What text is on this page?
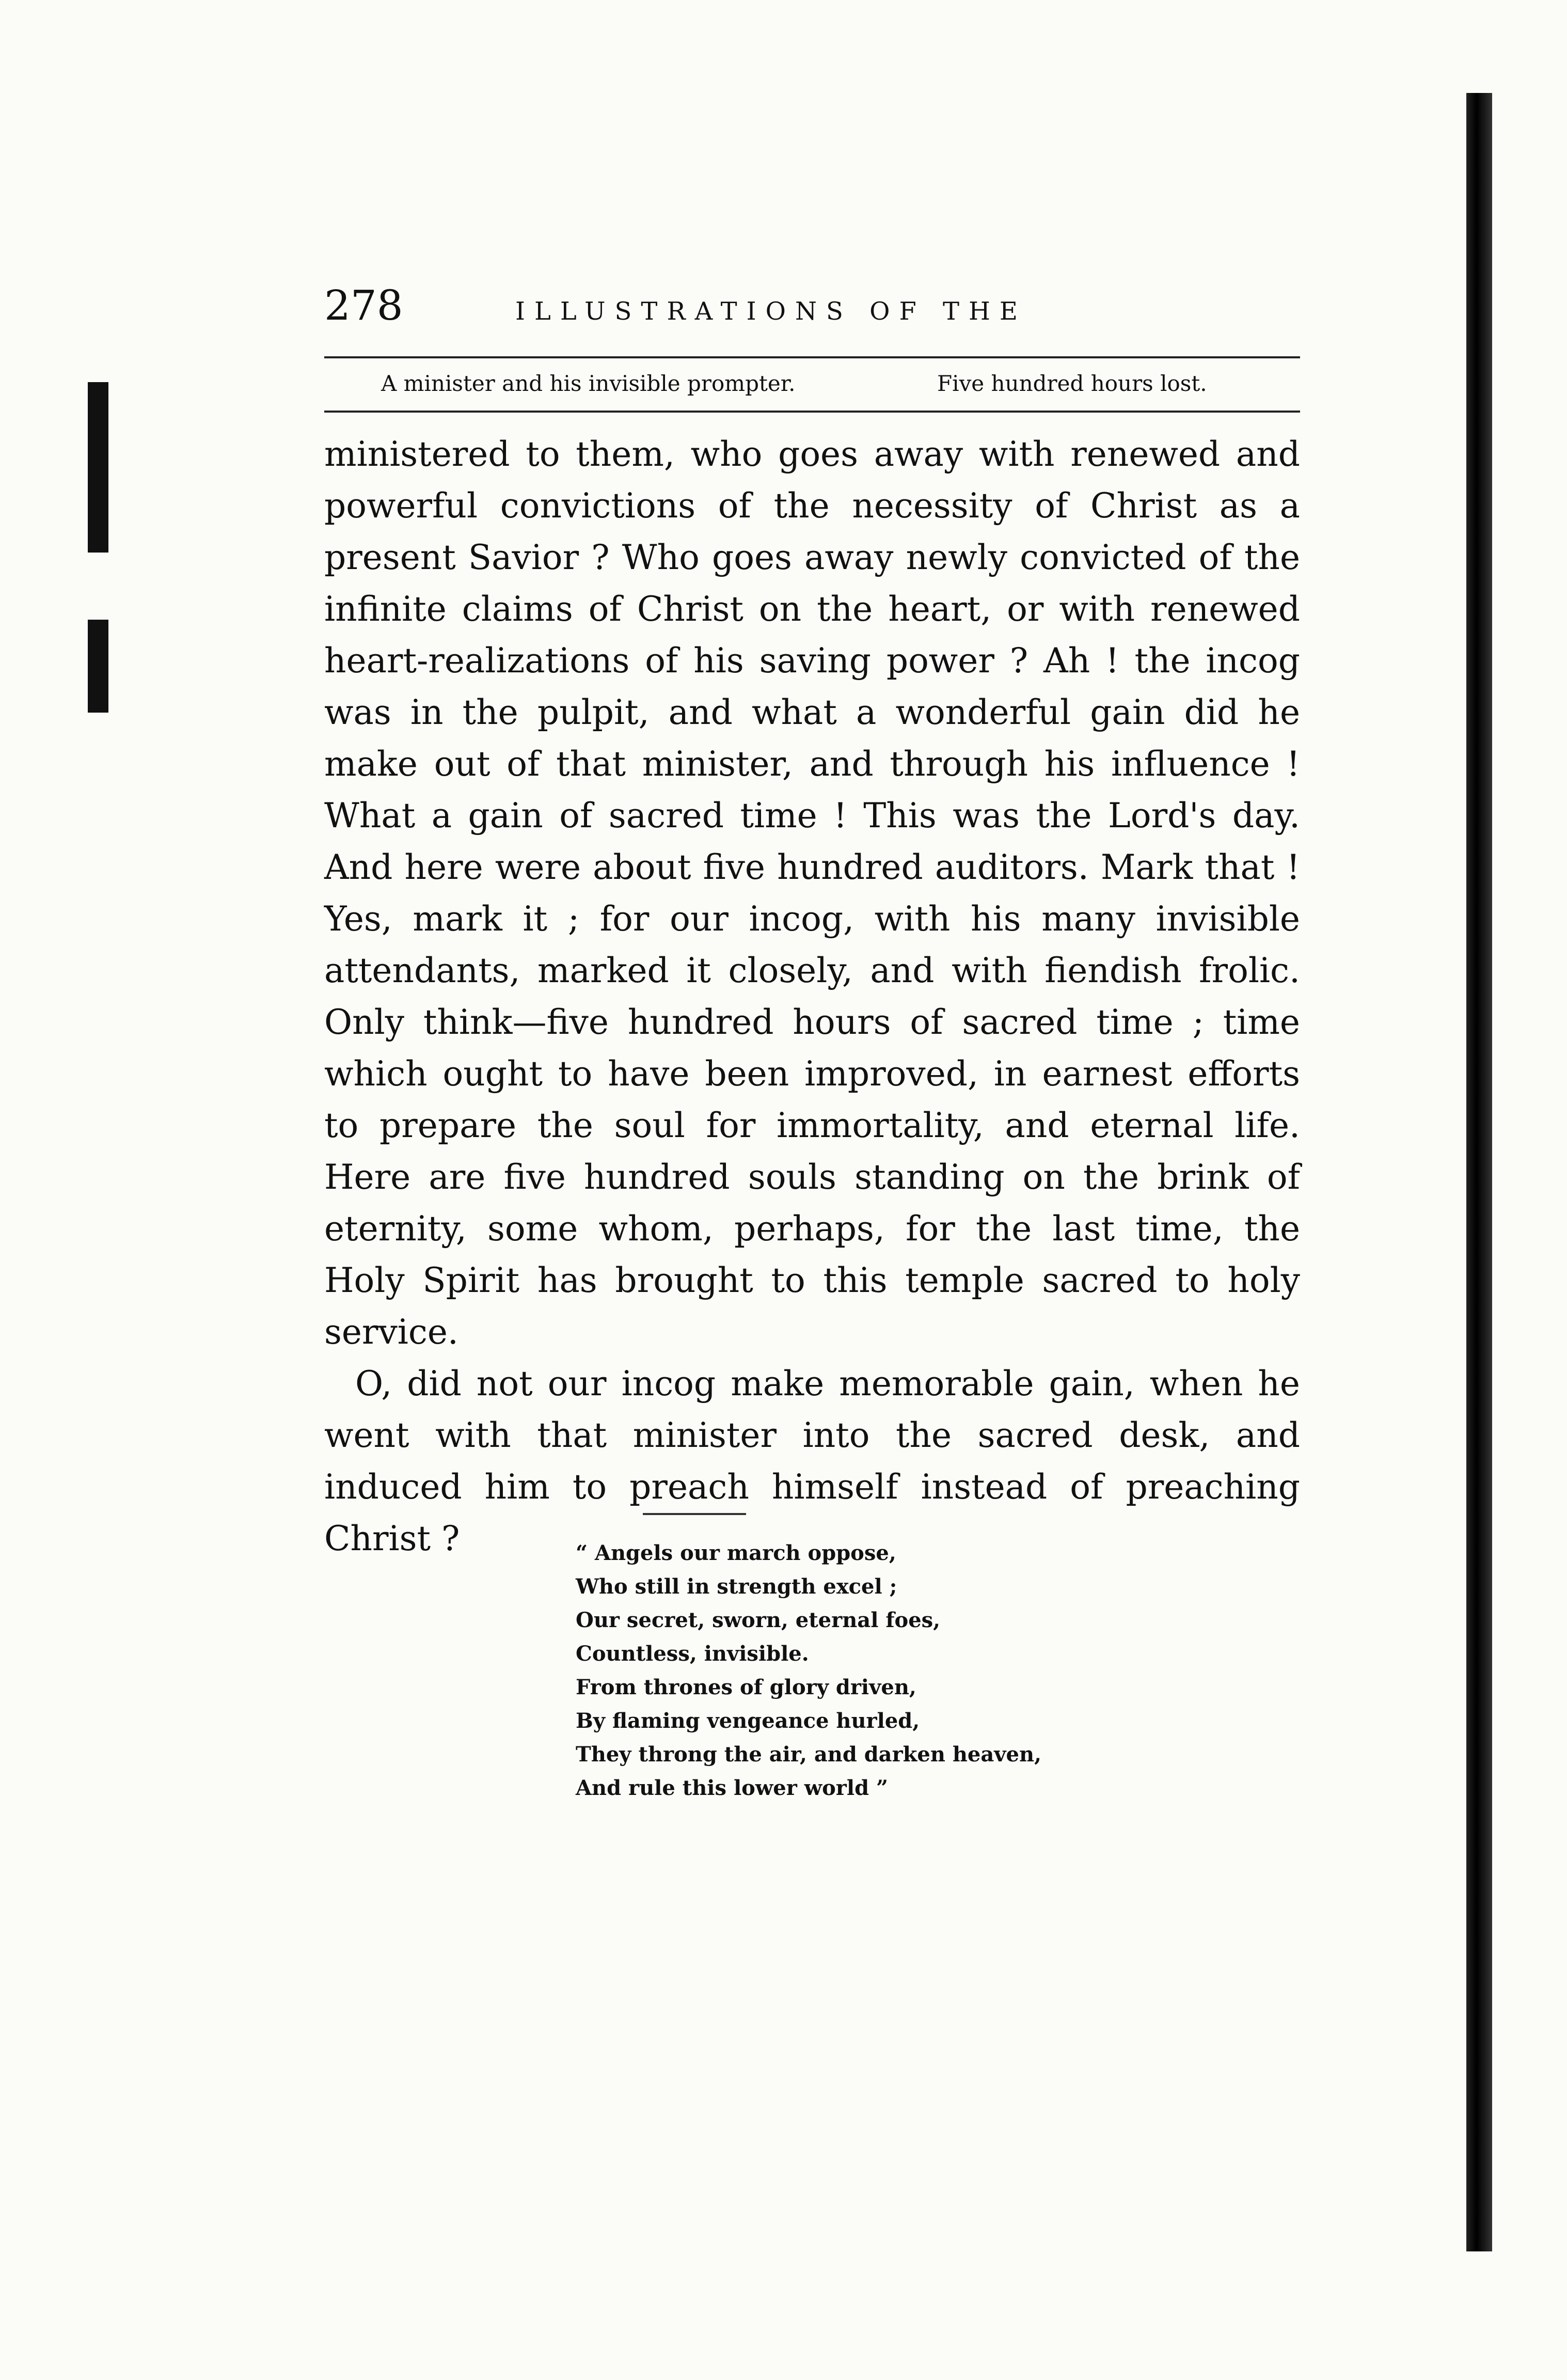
278	ILLUSTRATIONS OF THE
A minister and his invisible prompter.	Five hundred hours lost.

ministered to them, who goes away with renewed and powerful convictions of the necessity of Christ as a present Savior ? Who goes away newly convicted of the infinite claims of Christ on the heart, or with renewed heart-realizations of his saving power ? Ah ! the incog was in the pulpit, and what a wonderful gain did he make out of that minister, and through his influence ! What a gain of sacred time ! This was the Lord's day. And here were about five hundred auditors. Mark that ! Yes, mark it ; for our incog, with his many invisible attendants, marked it closely, and with fiendish frolic. Only think—five hundred hours of sacred time ; time which ought to have been improved, in earnest efforts to prepare the soul for immortality, and eternal life. Here are five hundred souls standing on the brink of eternity, some whom, perhaps, for the last time, the Holy Spirit has brought to this temple sacred to holy service.

O, did not our incog make memorable gain, when he went with that minister into the sacred desk, and induced him to preach himself instead of preaching Christ ?	“ Angels our march oppose,
Who still in strength excel ;
Our secret, sworn, eternal foes,
Countless, invisible.
From thrones of glory driven,
By flaming vengeance hurled,
They throng the air, and darken heaven,
And rule this lower world ”
